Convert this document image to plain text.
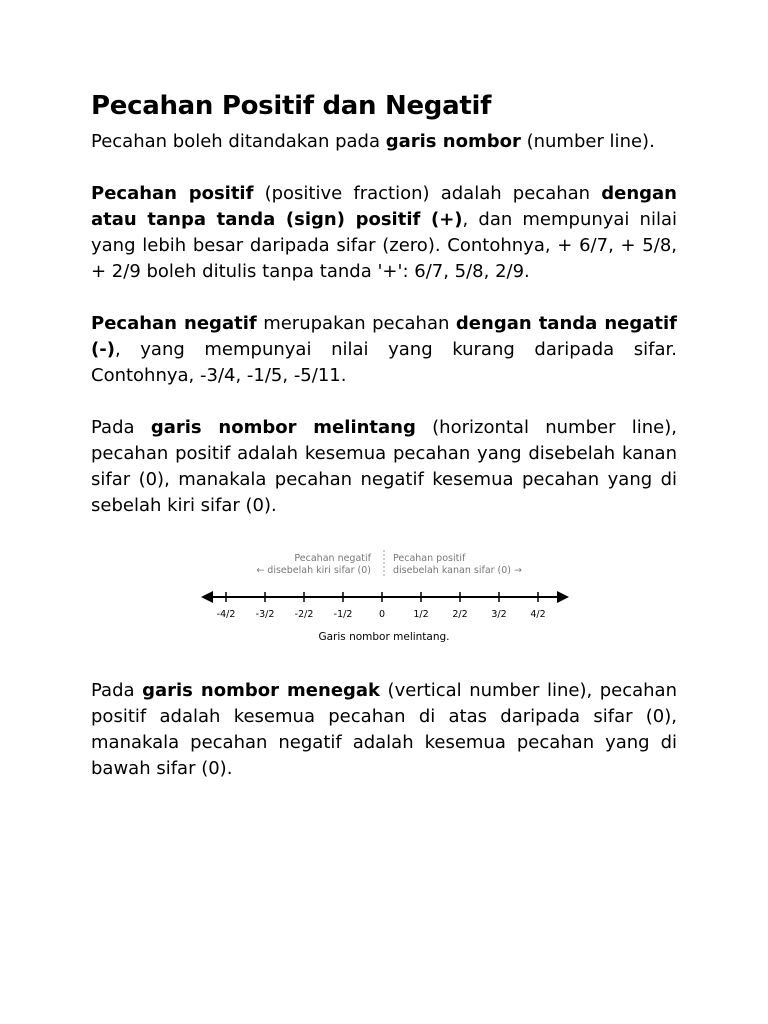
Pecahan Positif dan Negatif

Pecahan boleh ditandakan pada garis nombor (number line).

Pecahan positif (positive fraction) adalah pecahan dengan atau tanpa tanda (sign) positif (+), dan mempunyai nilai yang lebih besar daripada sifar (zero). Contohnya, + 6/7, + 5/8, + 2/9 boleh ditulis tanpa tanda '+': 6/7, 5/8, 2/9.

Pecahan negatif merupakan pecahan dengan tanda negatif (-), yang mempunyai nilai yang kurang daripada sifar. Contohnya, -3/4, -1/5, -5/11.

Pada garis nombor melintang (horizontal number line), pecahan positif adalah kesemua pecahan yang disebelah kanan sifar (0), manakala pecahan negatif kesemua pecahan yang di sebelah kiri sifar (0).

Pecahan negatif
← disebelah kiri sifar (0)
Pecahan positif
disebelah kanan sifar (0) →
-4/2 -3/2 -2/2 -1/2	0	1/2 2/2 3/2 4/2
Garis nombor melintang.

Pada garis nombor menegak (vertical number line), pecahan positif adalah kesemua pecahan di atas daripada sifar (0), manakala pecahan negatif adalah kesemua pecahan yang di bawah sifar (0).
